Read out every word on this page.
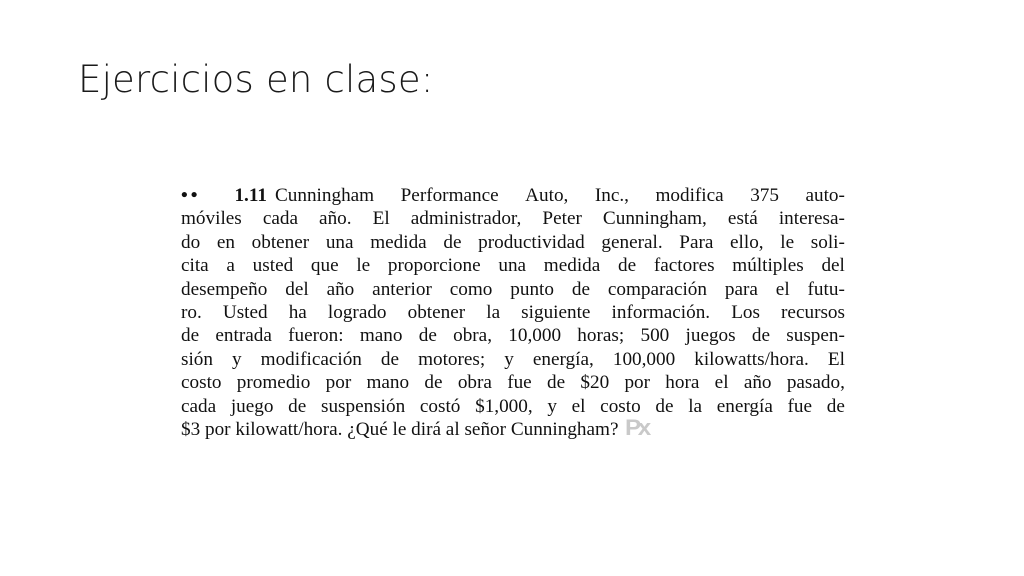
Ejercicios en clase:
•• 1.11 Cunningham Performance Auto, Inc., modifica 375 auto-
móviles cada año. El administrador, Peter Cunningham, está interesa-
do en obtener una medida de productividad general. Para ello, le soli-
cita a usted que le proporcione una medida de factores múltiples del
desempeño del año anterior como punto de comparación para el futu-
ro. Usted ha logrado obtener la siguiente información. Los recursos
de entrada fueron: mano de obra, 10,000 horas; 500 juegos de suspen-
sión y modificación de motores; y energía, 100,000 kilowatts/hora. El
costo promedio por mano de obra fue de $20 por hora el año pasado,
cada juego de suspensión costó $1,000, y el costo de la energía fue de
$3 por kilowatt/hora. ¿Qué le dirá al señor Cunningham? Px
